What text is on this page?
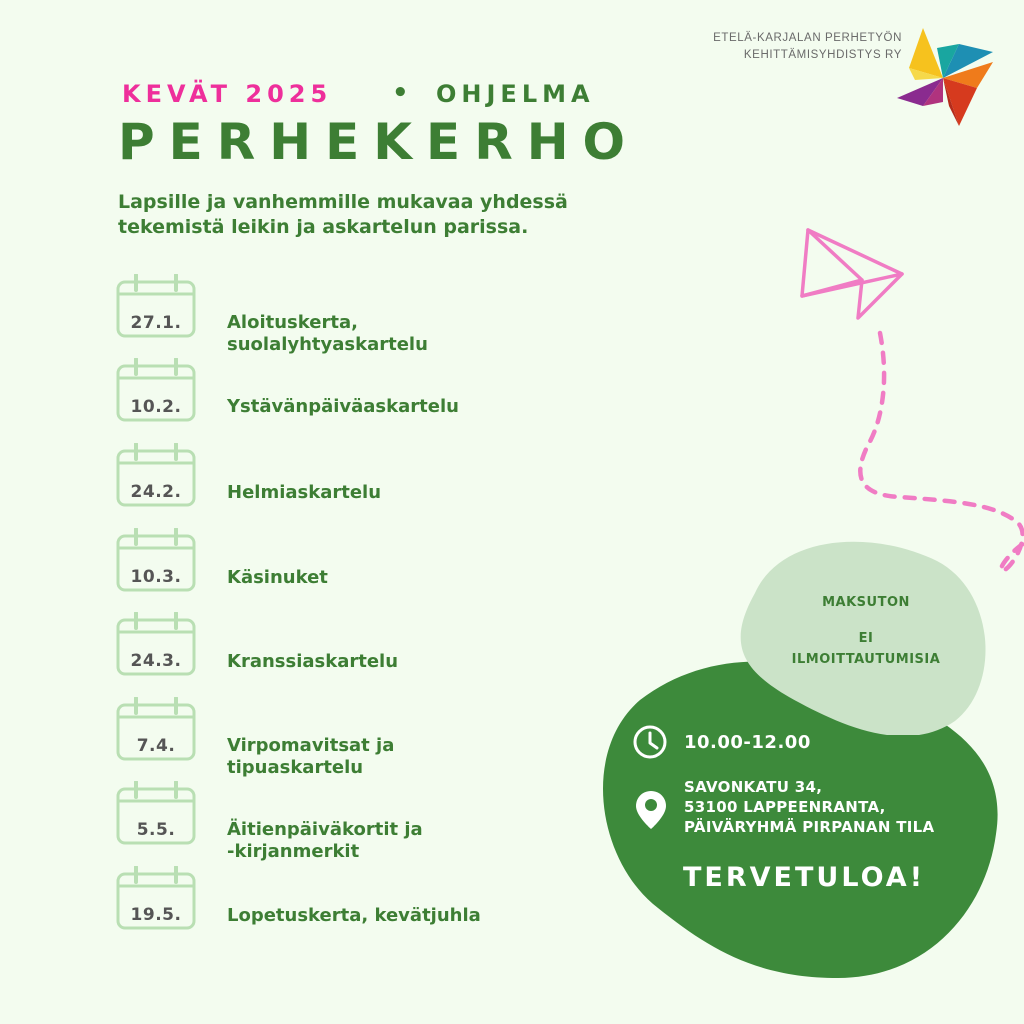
ETELÄ-KARJALAN PERHETYÖN
KEHITTÄMISYHDISTYS RY
KEVÄT 2025 • OHJELMA
PERHEKERHO
Lapsille ja vanhemmille mukavaa yhdessä
tekemistä leikin ja askartelun parissa.
27.1.	Aloituskerta, suolalyhtyaskartelu
10.2.	Ystävänpäiväaskartelu
24.2.	Helmiaskartelu
10.3.	Käsinuket
24.3.	Kranssiaskartelu
7.4.	Virpomavitsat ja
tipuaskartelu
5.5.	Äitienpäiväkortit ja
-kirjanmerkit
19.5.	Lopetuskerta, kevätjuhla
MAKSUTON
EI
ILMOITTAUTUMISIA
10.00-12.00
SAVONKATU 34,
53100 LAPPEENRANTA,
PÄIVÄRYHMÄ PIRPANAN TILA
TERVETULOA!
